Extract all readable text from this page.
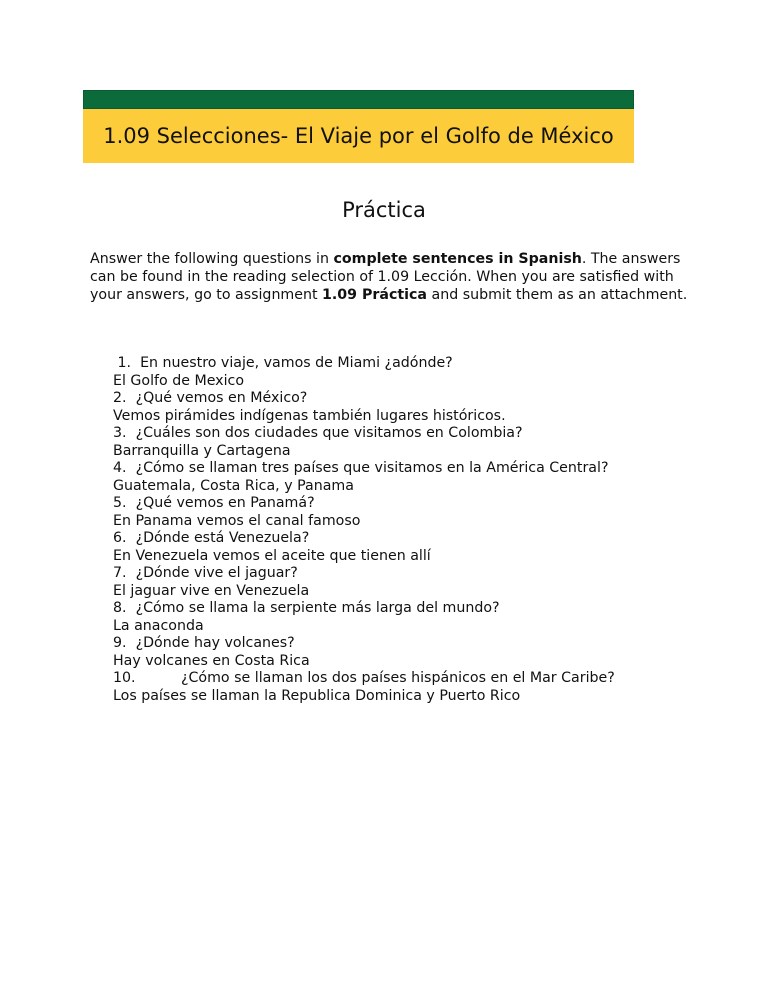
1.09 Selecciones- El Viaje por el Golfo de México
Práctica

Answer the following questions in complete sentences in Spanish. The answers can be found in the reading selection of 1.09 Lección. When you are satisfied with your answers, go to assignment 1.09 Práctica and submit them as an attachment.

1. En nuestro viaje, vamos de Miami ¿adónde?
El Golfo de Mexico
2. ¿Qué vemos en México?
Vemos pirámides indígenas también lugares históricos.
3. ¿Cuáles son dos ciudades que visitamos en Colombia?
Barranquilla y Cartagena
4. ¿Cómo se llaman tres países que visitamos en la América Central?
Guatemala, Costa Rica, y Panama
5. ¿Qué vemos en Panamá?
En Panama vemos el canal famoso
6. ¿Dónde está Venezuela?
En Venezuela vemos el aceite que tienen allí
7. ¿Dónde vive el jaguar?
El jaguar vive en Venezuela
8. ¿Cómo se llama la serpiente más larga del mundo?
La anaconda
9. ¿Dónde hay volcanes?
Hay volcanes en Costa Rica
10.	¿Cómo se llaman los dos países hispánicos en el Mar Caribe?
Los países se llaman la Republica Dominica y Puerto Rico
